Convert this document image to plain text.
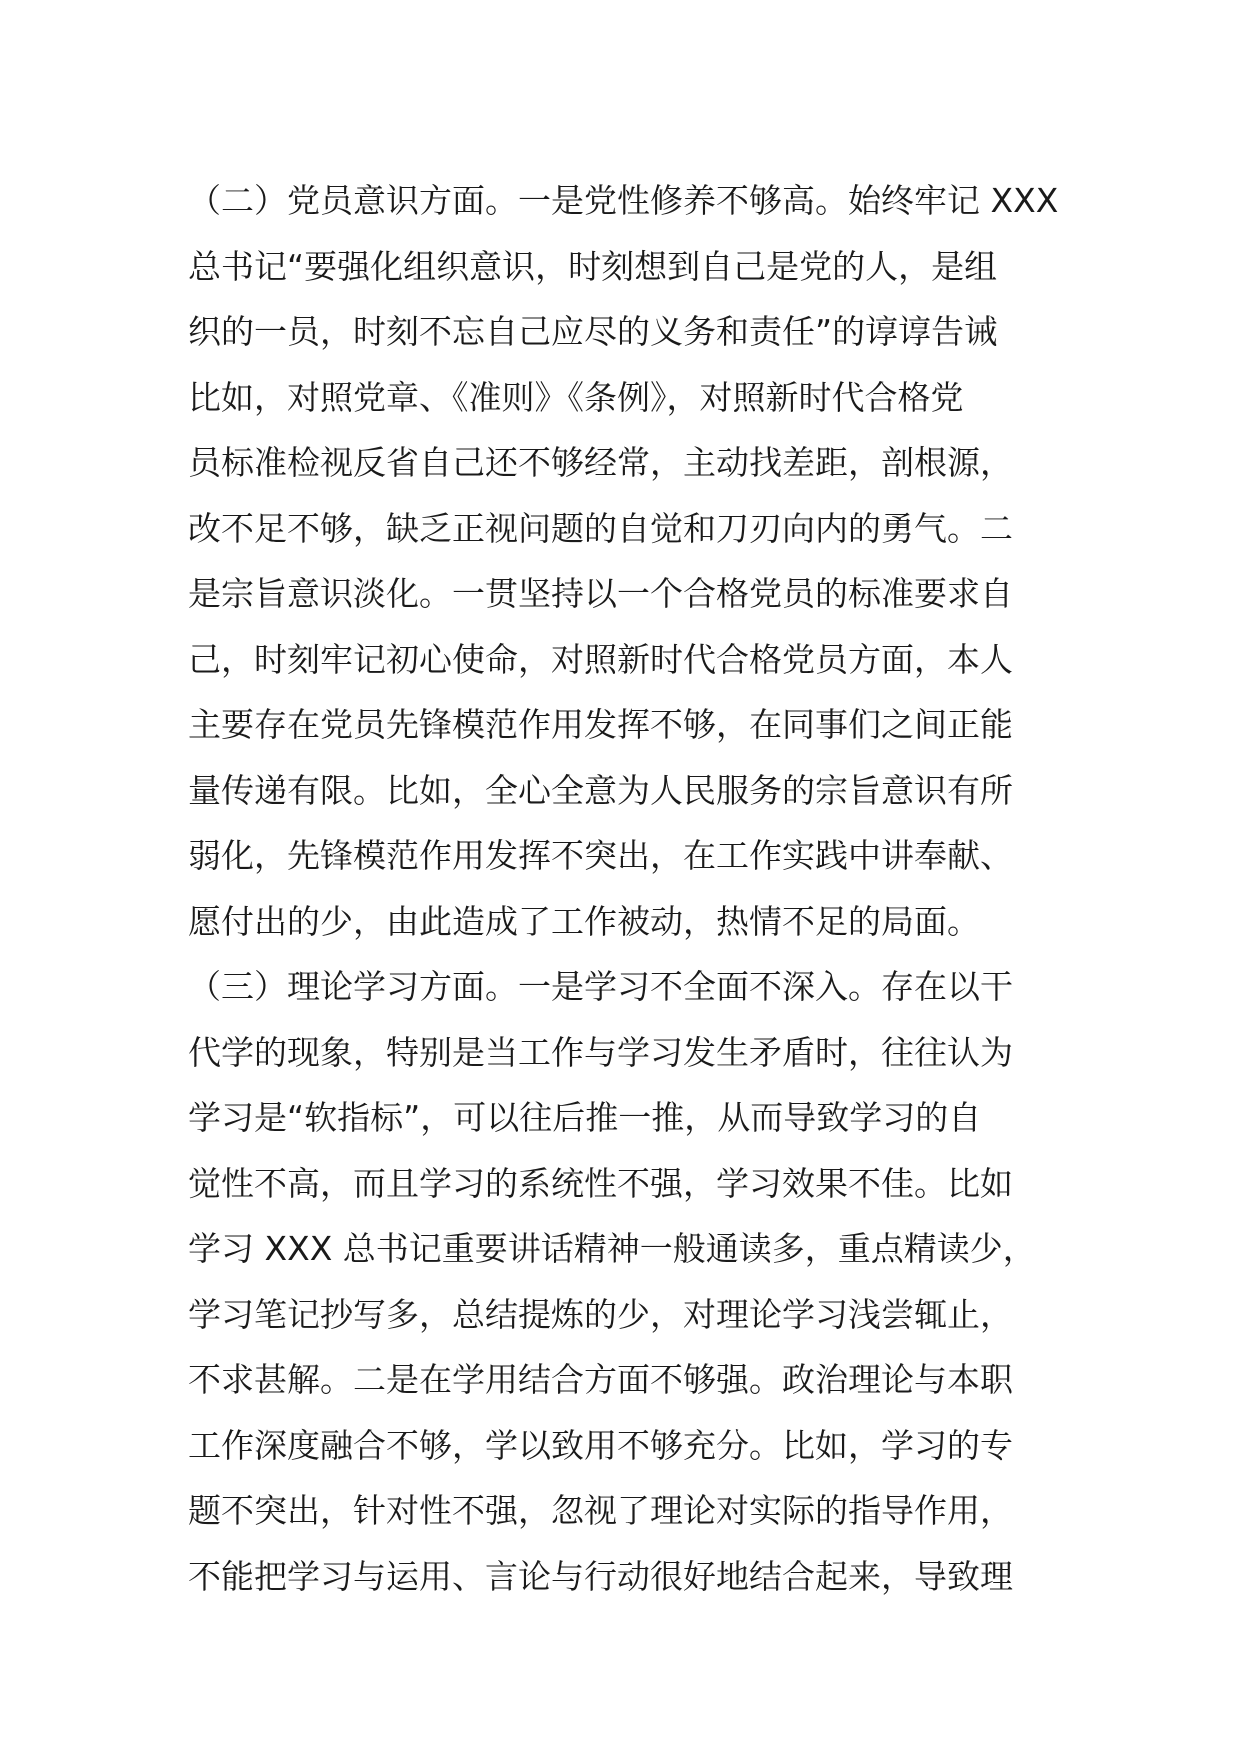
（二）党员意识方面。一是党性修养不够高。始终牢记 XXX
总书记“要强化组织意识，时刻想到自己是党的人，是组
织的一员，时刻不忘自己应尽的义务和责任”的谆谆告诫
比如，对照党章、《准则》《条例》，对照新时代合格党
员标准检视反省自己还不够经常，主动找差距，剖根源，
改不足不够，缺乏正视问题的自觉和刀刃向内的勇气。二
是宗旨意识淡化。一贯坚持以一个合格党员的标准要求自
己，时刻牢记初心使命，对照新时代合格党员方面，本人
主要存在党员先锋模范作用发挥不够，在同事们之间正能
量传递有限。比如，全心全意为人民服务的宗旨意识有所
弱化，先锋模范作用发挥不突出，在工作实践中讲奉献、
愿付出的少，由此造成了工作被动，热情不足的局面。
（三）理论学习方面。一是学习不全面不深入。存在以干
代学的现象，特别是当工作与学习发生矛盾时，往往认为
学习是“软指标”，可以往后推一推，从而导致学习的自
觉性不高，而且学习的系统性不强，学习效果不佳。比如
学习 XXX 总书记重要讲话精神一般通读多，重点精读少，
学习笔记抄写多，总结提炼的少，对理论学习浅尝辄止，
不求甚解。二是在学用结合方面不够强。政治理论与本职
工作深度融合不够，学以致用不够充分。比如，学习的专
题不突出，针对性不强，忽视了理论对实际的指导作用，
不能把学习与运用、言论与行动很好地结合起来，导致理
